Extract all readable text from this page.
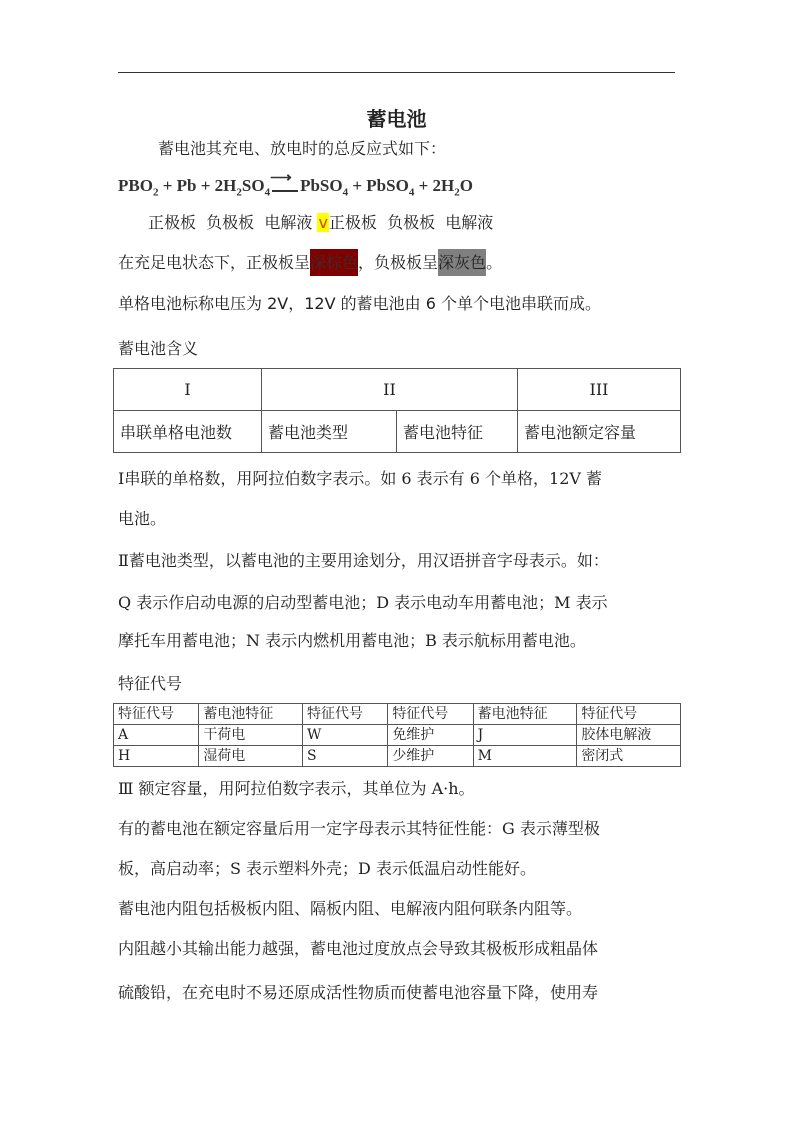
蓄电池
蓄电池其充电、放电时的总反应式如下：
$PBO_2 + Pb + 2H_2SO_4$ ⟶ PbSO$_4$ + PbSO$_4$ + $2H_2O$
正极板  负极板  电解液 v正极板  负极板  电解液
在充足电状态下，正极板呈深棕色，负极板呈深灰色。
单格电池标称电压为 2V，12V 的蓄电池由 6 个单个电池串联而成。
蓄电池含义
I	II		III
串联单格电池数	蓄电池类型	蓄电池特征	蓄电池额定容量
Ⅰ串联的单格数，用阿拉伯数字表示。如 6 表示有 6 个单格，12V 蓄
电池。
Ⅱ蓄电池类型，以蓄电池的主要用途划分，用汉语拼音字母表示。如：
Q 表示作启动电源的启动型蓄电池；D 表示电动车用蓄电池；M 表示
摩托车用蓄电池；N 表示内燃机用蓄电池；B 表示航标用蓄电池。
特征代号
特征代号	蓄电池特征	特征代号	特征代号	蓄电池特征	特征代号
A	干荷电	W	免维护	J	胶体电解液
H	湿荷电	S	少维护	M	密闭式
Ⅲ 额定容量，用阿拉伯数字表示，其单位为 A·h。
有的蓄电池在额定容量后用一定字母表示其特征性能：G 表示薄型极
板，高启动率；S 表示塑料外壳；D 表示低温启动性能好。
蓄电池内阻包括极板内阻、隔板内阻、电解液内阻何联条内阻等。
内阻越小其输出能力越强，蓄电池过度放点会导致其极板形成粗晶体
硫酸铅，在充电时不易还原成活性物质而使蓄电池容量下降，使用寿
